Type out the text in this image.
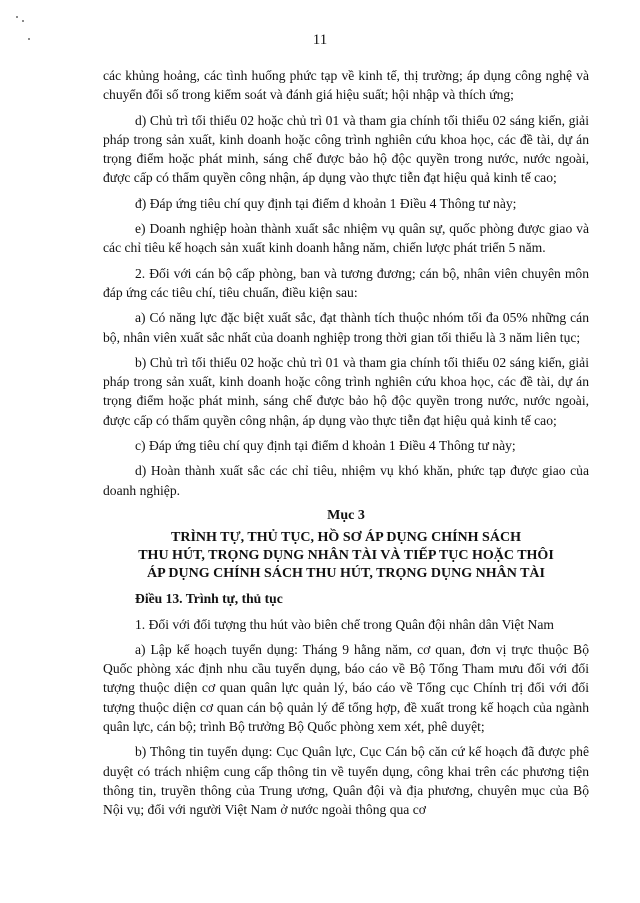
11

các khủng hoảng, các tình huống phức tạp về kinh tế, thị trường; áp dụng công nghệ và chuyển đổi số trong kiểm soát và đánh giá hiệu suất; hội nhập và thích ứng;

d) Chủ trì tối thiểu 02 hoặc chủ trì 01 và tham gia chính tối thiểu 02 sáng kiến, giải pháp trong sản xuất, kinh doanh hoặc công trình nghiên cứu khoa học, các đề tài, dự án trọng điểm hoặc phát minh, sáng chế được bảo hộ độc quyền trong nước, nước ngoài, được cấp có thẩm quyền công nhận, áp dụng vào thực tiễn đạt hiệu quả kinh tế cao;

đ) Đáp ứng tiêu chí quy định tại điểm d khoản 1 Điều 4 Thông tư này;

e) Doanh nghiệp hoàn thành xuất sắc nhiệm vụ quân sự, quốc phòng được giao và các chỉ tiêu kế hoạch sản xuất kinh doanh hằng năm, chiến lược phát triển 5 năm.

2. Đối với cán bộ cấp phòng, ban và tương đương; cán bộ, nhân viên chuyên môn đáp ứng các tiêu chí, tiêu chuẩn, điều kiện sau:

a) Có năng lực đặc biệt xuất sắc, đạt thành tích thuộc nhóm tối đa 05% những cán bộ, nhân viên xuất sắc nhất của doanh nghiệp trong thời gian tối thiểu là 3 năm liên tục;

b) Chủ trì tối thiểu 02 hoặc chủ trì 01 và tham gia chính tối thiểu 02 sáng kiến, giải pháp trong sản xuất, kinh doanh hoặc công trình nghiên cứu khoa học, các đề tài, dự án trọng điểm hoặc phát minh, sáng chế được bảo hộ độc quyền trong nước, nước ngoài, được cấp có thẩm quyền công nhận, áp dụng vào thực tiễn đạt hiệu quả kinh tế cao;

c) Đáp ứng tiêu chí quy định tại điểm d khoản 1 Điều 4 Thông tư này;

d) Hoàn thành xuất sắc các chỉ tiêu, nhiệm vụ khó khăn, phức tạp được giao của doanh nghiệp.

Mục 3
TRÌNH TỰ, THỦ TỤC, HỒ SƠ ÁP DỤNG CHÍNH SÁCH
THU HÚT, TRỌNG DỤNG NHÂN TÀI VÀ TIẾP TỤC HOẶC THÔI
ÁP DỤNG CHÍNH SÁCH THU HÚT, TRỌNG DỤNG NHÂN TÀI

Điều 13. Trình tự, thủ tục

1. Đối với đối tượng thu hút vào biên chế trong Quân đội nhân dân Việt Nam

a) Lập kế hoạch tuyển dụng: Tháng 9 hằng năm, cơ quan, đơn vị trực thuộc Bộ Quốc phòng xác định nhu cầu tuyển dụng, báo cáo về Bộ Tổng Tham mưu đối với đối tượng thuộc diện cơ quan quân lực quản lý, báo cáo về Tổng cục Chính trị đối với đối tượng thuộc diện cơ quan cán bộ quản lý để tổng hợp, đề xuất trong kế hoạch của ngành quân lực, cán bộ; trình Bộ trưởng Bộ Quốc phòng xem xét, phê duyệt;

b) Thông tin tuyển dụng: Cục Quân lực, Cục Cán bộ căn cứ kế hoạch đã được phê duyệt có trách nhiệm cung cấp thông tin về tuyển dụng, công khai trên các phương tiện thông tin, truyền thông của Trung ương, Quân đội và địa phương, chuyên mục của Bộ Nội vụ; đối với người Việt Nam ở nước ngoài thông qua cơ
